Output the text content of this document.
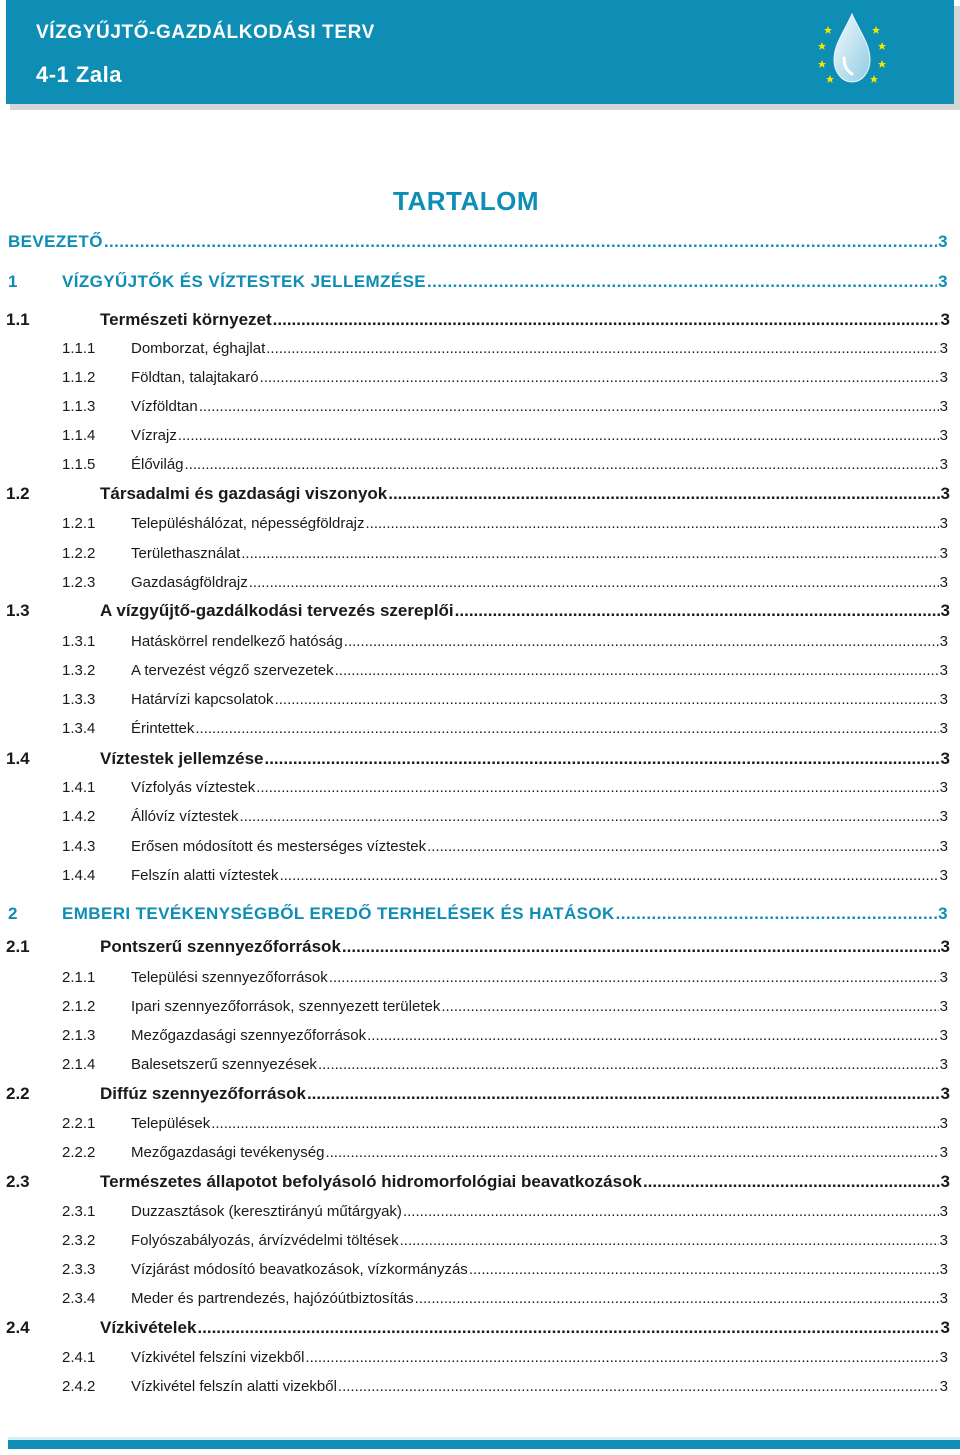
VÍZGYŰJTŐ-GAZDÁLKODÁSI TERV
4-1 Zala
TARTALOM
BEVEZETŐ .....	3
1	VÍZGYŰJTŐK ÉS VÍZTESTEK JELLEMZÉSE .....	3
1.1	Természeti környezet .....	3
1.1.1	Domborzat, éghajlat .....	3
1.1.2	Földtan, talajtakaró .....	3
1.1.3	Vízföldtan .....	3
1.1.4	Vízrajz .....	3
1.1.5	Élővilág .....	3
1.2	Társadalmi és gazdasági viszonyok .....	3
1.2.1	Településhálózat, népességföldrajz .....	3
1.2.2	Területhasználat .....	3
1.2.3	Gazdaságföldrajz .....	3
1.3	A vízgyűjtő-gazdálkodási tervezés szereplői .....	3
1.3.1	Hatáskörrel rendelkező hatóság .....	3
1.3.2	A tervezést végző szervezetek .....	3
1.3.3	Határvízi kapcsolatok .....	3
1.3.4	Érintettek .....	3
1.4	Víztestek jellemzése .....	3
1.4.1	Vízfolyás víztestek .....	3
1.4.2	Állóvíz víztestek .....	3
1.4.3	Erősen módosított és mesterséges víztestek .....	3
1.4.4	Felszín alatti víztestek .....	3
2	EMBERI TEVÉKENYSÉGBŐL EREDŐ TERHELÉSEK ÉS HATÁSOK .....	3
2.1	Pontszerű szennyezőforrások .....	3
2.1.1	Települési szennyezőforrások .....	3
2.1.2	Ipari szennyezőforrások, szennyezett területek .....	3
2.1.3	Mezőgazdasági szennyezőforrások .....	3
2.1.4	Balesetszerű szennyezések .....	3
2.2	Diffúz szennyezőforrások .....	3
2.2.1	Települések .....	3
2.2.2	Mezőgazdasági tevékenység .....	3
2.3	Természetes állapotot befolyásoló hidromorfológiai beavatkozások .....	3
2.3.1	Duzzasztások (keresztirányú műtárgyak) .....	3
2.3.2	Folyószabályozás, árvízvédelmi töltések .....	3
2.3.3	Vízjárást módosító beavatkozások, vízkormányzás .....	3
2.3.4	Meder és partrendezés, hajózóútbiztosítás .....	3
2.4	Vízkivételek .....	3
2.4.1	Vízkivétel felszíni vizekből .....	3
2.4.2	Vízkivétel felszín alatti vizekből .....	3
